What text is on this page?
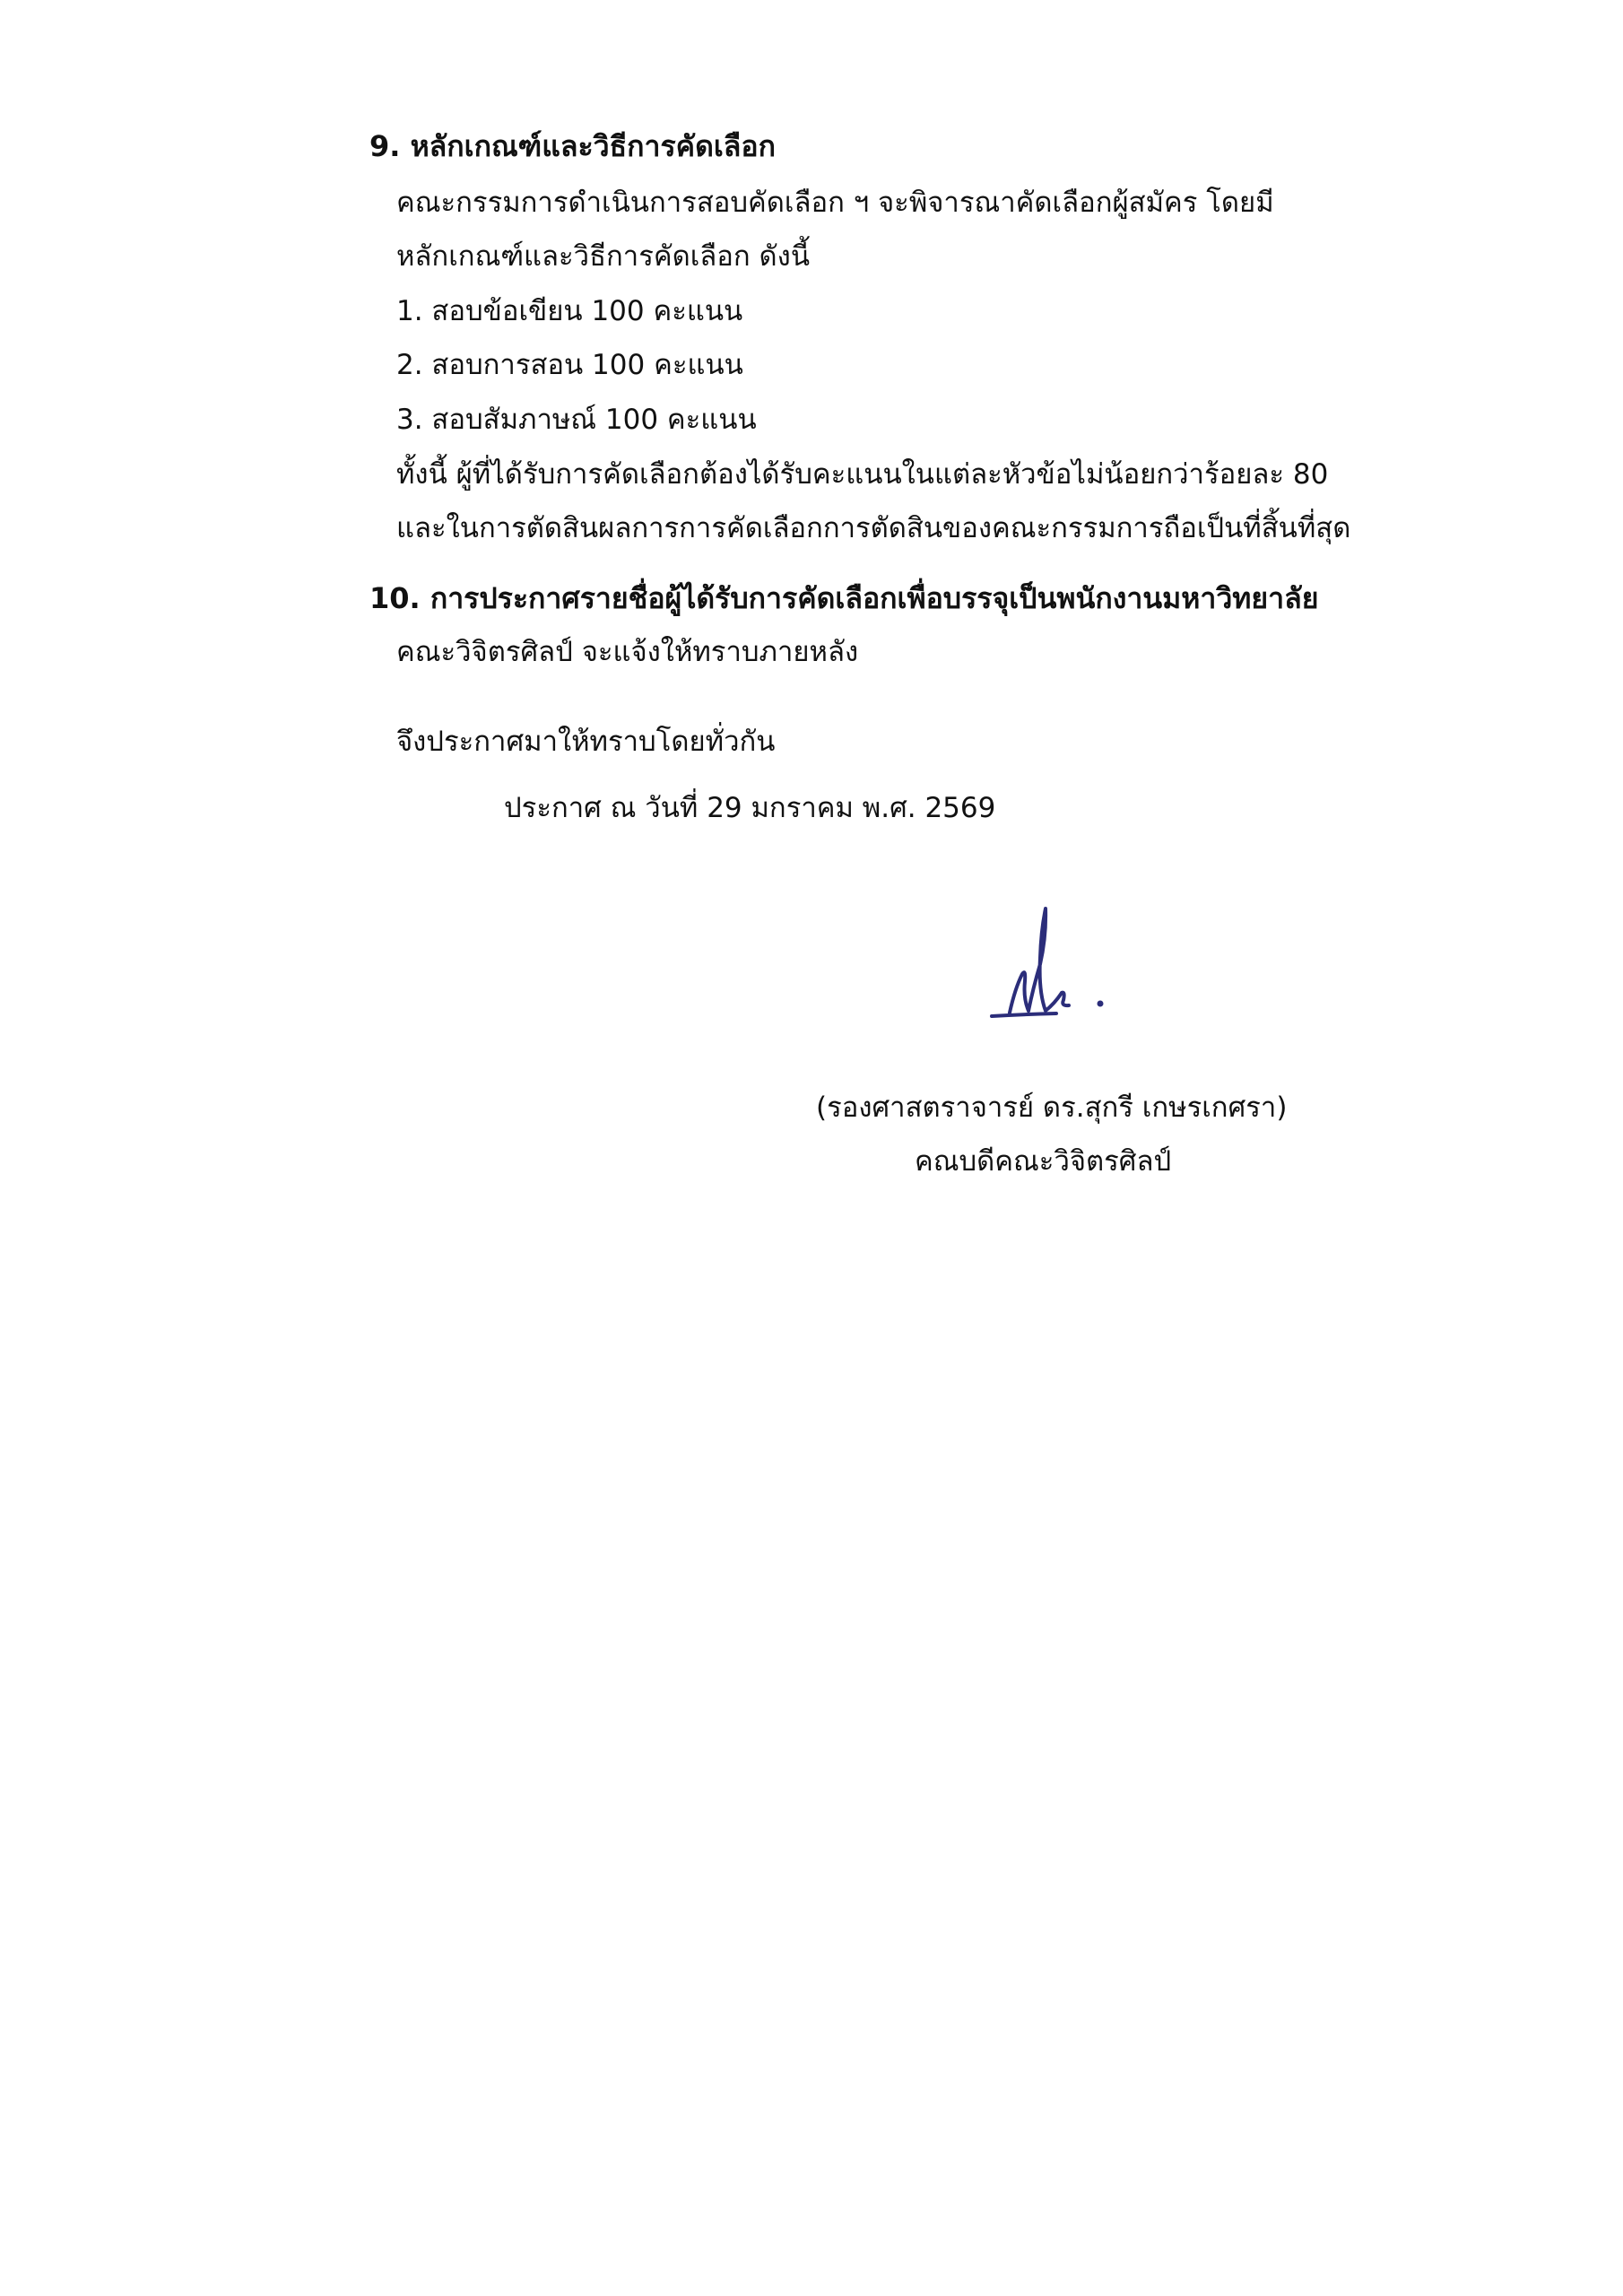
9. หลักเกณฑ์และวิธีการคัดเลือก
คณะกรรมการดำเนินการสอบคัดเลือก ฯ จะพิจารณาคัดเลือกผู้สมัคร โดยมี
หลักเกณฑ์และวิธีการคัดเลือก ดังนี้
1. สอบข้อเขียน 100 คะแนน
2. สอบการสอน 100 คะแนน
3. สอบสัมภาษณ์ 100 คะแนน
ทั้งนี้ ผู้ที่ได้รับการคัดเลือกต้องได้รับคะแนนในแต่ละหัวข้อไม่น้อยกว่าร้อยละ 80
และในการตัดสินผลการการคัดเลือกการตัดสินของคณะกรรมการถือเป็นที่สิ้นที่สุด
10. การประกาศรายชื่อผู้ได้รับการคัดเลือกเพื่อบรรจุเป็นพนักงานมหาวิทยาลัย
คณะวิจิตรศิลป์ จะแจ้งให้ทราบภายหลัง
จึงประกาศมาให้ทราบโดยทั่วกัน
ประกาศ ณ วันที่ 29 มกราคม พ.ศ. 2569
(รองศาสตราจารย์ ดร.สุกรี เกษรเกศรา)
คณบดีคณะวิจิตรศิลป์
